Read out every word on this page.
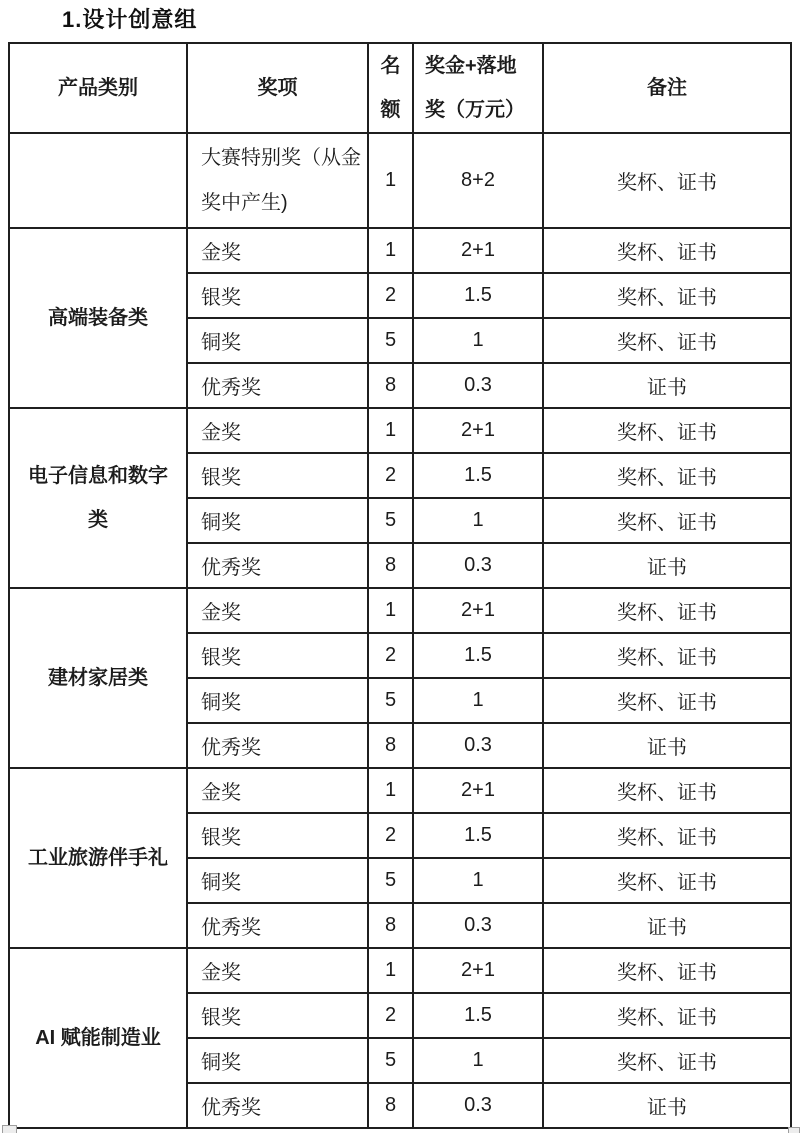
1.设计创意组
产品类别	奖项	名额	奖金+落地奖（万元）	备注
	大赛特别奖（从金奖中产生)	1	8+2	奖杯、证书
高端装备类	金奖	1	2+1	奖杯、证书
	银奖	2	1.5	奖杯、证书
	铜奖	5	1	奖杯、证书
	优秀奖	8	0.3	证书
电子信息和数字类	金奖	1	2+1	奖杯、证书
	银奖	2	1.5	奖杯、证书
	铜奖	5	1	奖杯、证书
	优秀奖	8	0.3	证书
建材家居类	金奖	1	2+1	奖杯、证书
	银奖	2	1.5	奖杯、证书
	铜奖	5	1	奖杯、证书
	优秀奖	8	0.3	证书
工业旅游伴手礼	金奖	1	2+1	奖杯、证书
	银奖	2	1.5	奖杯、证书
	铜奖	5	1	奖杯、证书
	优秀奖	8	0.3	证书
AI 赋能制造业	金奖	1	2+1	奖杯、证书
	银奖	2	1.5	奖杯、证书
	铜奖	5	1	奖杯、证书
	优秀奖	8	0.3	证书
